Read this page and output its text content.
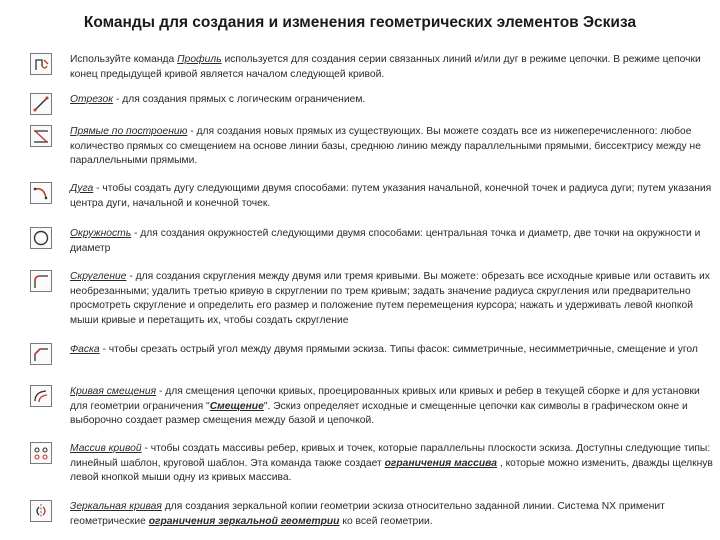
Команды для создания и изменения геометрических элементов Эскиза
Используйте команда Профиль используется для создания серии связанных линий и/или дуг в режиме цепочки. В режиме цепочки конец предыдущей кривой является началом следующей кривой.
Отрезок - для создания прямых с логическим ограничением.
Прямые по построению - для создания новых прямых из существующих. Вы можете создать все из нижеперечисленного: любое количество прямых со смещением на основе линии базы, среднюю линию между параллельными прямыми, биссектрису между не параллельными прямыми.
Дуга - чтобы создать дугу следующими двумя способами: путем указания начальной, конечной точек и радиуса дуги; путем указания центра дуги, начальной и конечной точек.
Окружность - для создания окружностей следующими двумя способами: центральная точка и диаметр, две точки на окружности и диаметр
Скругление - для создания скругления между двумя или тремя кривыми. Вы можете: обрезать все исходные кривые или оставить их необрезанными; удалить третью кривую в скруглении по трем кривым; задать значение радиуса скругления или предварительно просмотреть скругление и определить его размер и положение путем перемещения курсора; нажать и удерживать левой кнопкой мыши кривые и перетащить их, чтобы создать скругление
Фаска - чтобы срезать острый угол между двумя прямыми эскиза. Типы фасок: симметричные, несимметричные, смещение и угол
Кривая смещения - для смещения цепочки кривых, проецированных кривых или кривых и ребер в текущей сборке и для установки для геометрии ограничения "Смещение". Эскиз определяет исходные и смещенные цепочки как символы в графическом окне и выборочно создает размер смещения между базой и цепочкой.
Массив кривой - чтобы создать массивы ребер, кривых и точек, которые параллельны плоскости эскиза. Доступны следующие типы: линейный шаблон, круговой шаблон. Эта команда также создает ограничения массива , которые можно изменить, дважды щелкнув левой кнопкой мыши одну из кривых массива.
Зеркальная кривая для создания зеркальной копии геометрии эскиза относительно заданной линии. Система NX применит геометрические ограничения зеркальной геометрии ко всей геометрии.
